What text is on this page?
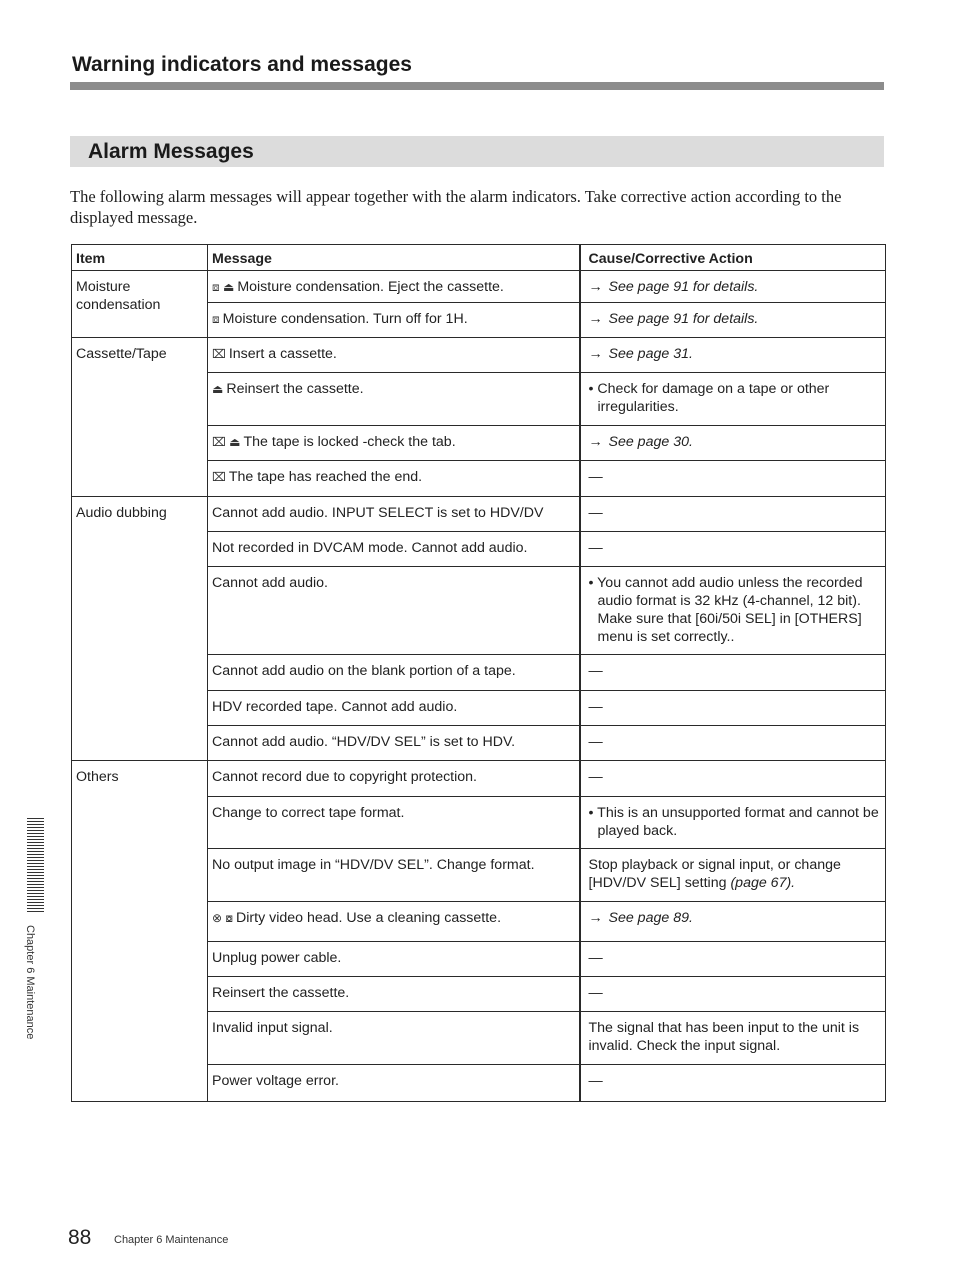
Warning indicators and messages
Alarm Messages

The following alarm messages will appear together with the alarm indicators. Take corrective action according to the displayed message.

Item	Message	Cause/Corrective Action
Moisture condensation	⧈ ⏏ Moisture condensation. Eject the cassette.	→ See page 91 for details.
	⧈ Moisture condensation. Turn off for 1H.	→ See page 91 for details.
Cassette/Tape	⌧ Insert a cassette.	→ See page 31.
	⏏ Reinsert the cassette.	• Check for damage on a tape or other irregularities.

	⌧ ⏏ The tape is locked -check the tab.	→ See page 30.
	⌧ The tape has reached the end.	—
Audio dubbing	Cannot add audio. INPUT SELECT is set to HDV/DV	—
	Not recorded in DVCAM mode. Cannot add audio.	—
	Cannot add audio.	• You cannot add audio unless the recorded audio format is 32 kHz (4-channel, 12 bit). Make sure that [60i/50i SEL] in [OTHERS] menu is set correctly..

	Cannot add audio on the blank portion of a tape.	—
	HDV recorded tape. Cannot add audio.	—
	Cannot add audio. “HDV/DV SEL” is set to HDV.	—
Others	Cannot record due to copyright protection.	—
	Change to correct tape format.	• This is an unsupported format and cannot be played back.

	No output image in “HDV/DV SEL”. Change format.	Stop playback or signal input, or change [HDV/DV SEL] setting (page 67).
	⊗ ⧇ Dirty video head. Use a cleaning cassette.	→ See page 89.
	Unplug power cable.	—
	Reinsert the cassette.	—
	Invalid input signal.	The signal that has been input to the unit is invalid. Check the input signal.
	Power voltage error.	—
Chapter 6 Maintenance
88 Chapter 6 Maintenance
